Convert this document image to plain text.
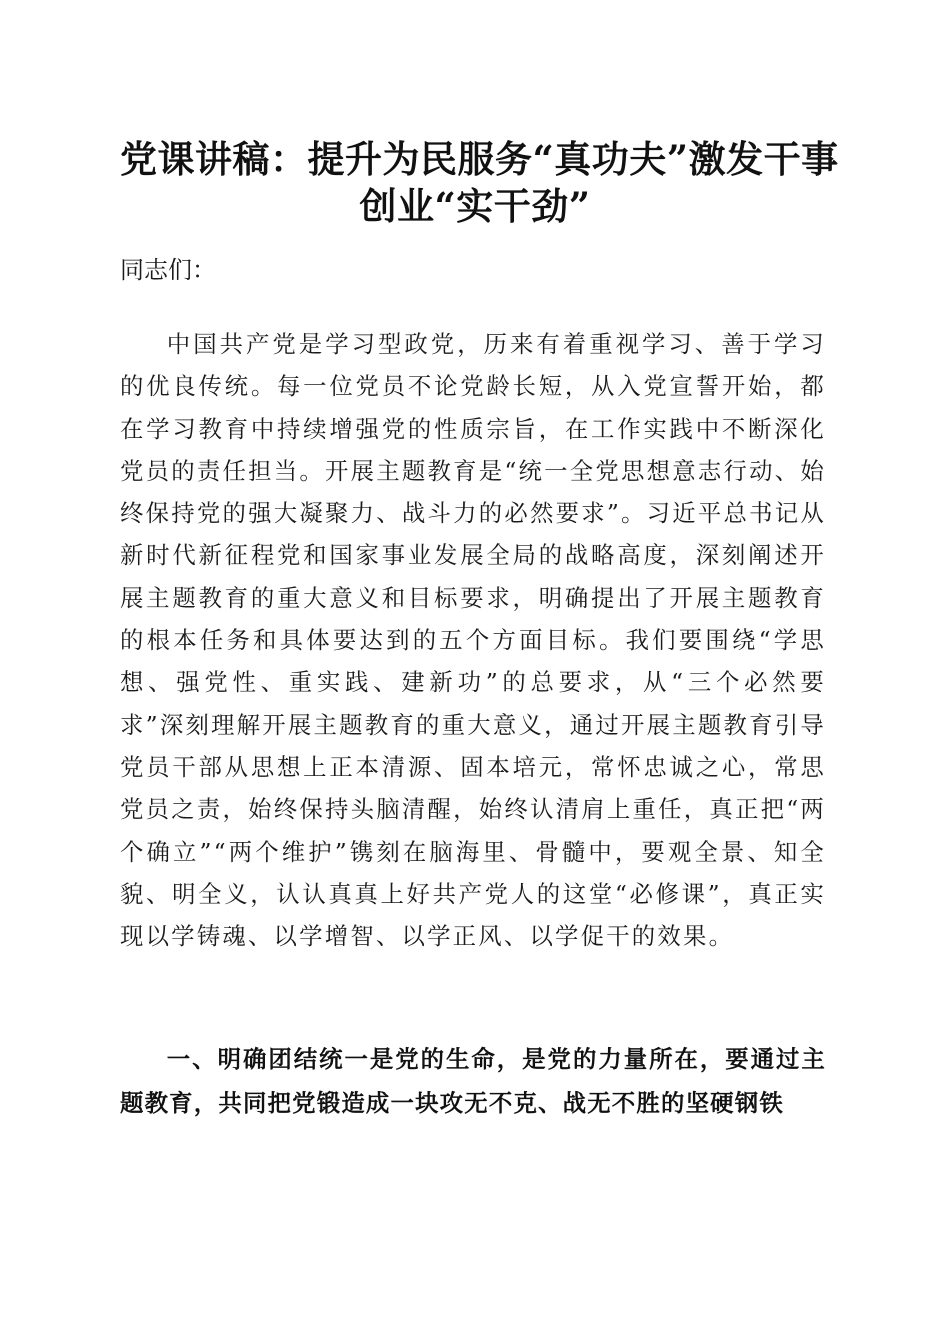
党课讲稿：提升为民服务“真功夫”激发干事
创业“实干劲”

同志们：

中国共产党是学习型政党，历来有着重视学习、善于学习的优良传统。每一位党员不论党龄长短，从入党宣誓开始，都在学习教育中持续增强党的性质宗旨，在工作实践中不断深化党员的责任担当。开展主题教育是“统一全党思想意志行动、始终保持党的强大凝聚力、战斗力的必然要求”。习近平总书记从新时代新征程党和国家事业发展全局的战略高度，深刻阐述开展主题教育的重大意义和目标要求，明确提出了开展主题教育的根本任务和具体要达到的五个方面目标。我们要围绕“学思想、强党性、重实践、建新功”的总要求，从“三个必然要求”深刻理解开展主题教育的重大意义，通过开展主题教育引导党员干部从思想上正本清源、固本培元，常怀忠诚之心，常思党员之责，始终保持头脑清醒，始终认清肩上重任，真正把“两个确立”“两个维护”镌刻在脑海里、骨髓中，要观全景、知全貌、明全义，认认真真上好共产党人的这堂“必修课”，真正实现以学铸魂、以学增智、以学正风、以学促干的效果。

一、明确团结统一是党的生命，是党的力量所在，要通过主题教育，共同把党锻造成一块攻无不克、战无不胜的坚硬钢铁
